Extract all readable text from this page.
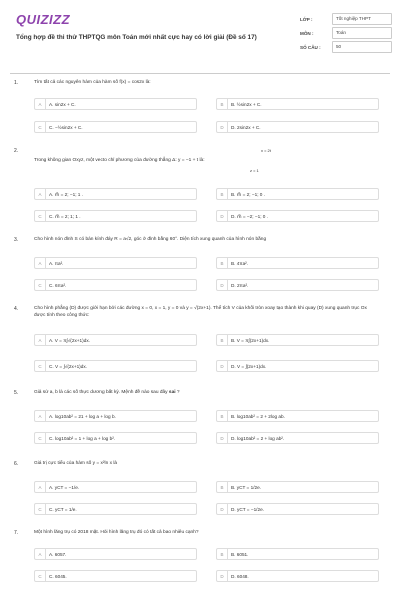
QUIZIZZ
Tổng hợp đề thi thử THPTQG môn Toán mới nhất cực hay có lời giải (Đề số 17)
LỚP :	Tốt nghiệp THPT
MÔN :	Toán
SỐ CÂU :	50
1.	Tìm tất cả các nguyên hàm của hàm số f(x) = cos2x là:
A	A. sin2x + C.	B	B. ½sin2x + C.
C	C. −½sin2x + C.	D	D. 2sin2x + C.
2.	x = 2t
Trong không gian Oxyz, một vecto chỉ phương của đường thẳng Δ: y = −1 + t là:
z = 1
A	A. m⃗ = 2; −1; 1 .	B	B. m⃗ = 2; −1; 0 .
C	C. m⃗ = 2; 1; 1 .	D	D. m⃗ = −2; −1; 0 .
3.	Cho hình nón đỉnh S có bán kính đáy R = a√2, góc ở đỉnh bằng 60°. Diện tích xung quanh của hình nón bằng
A	A. πa².	B	B. 4πa².
C	C. 6πa².	D	D. 2πa².
4.	Cho hình phẳng (D) được giới hạn bởi các đường x = 0, x = 1, y = 0 và y = √(2x+1). Thể tích V của khối tròn xoay tạo thành khi quay (D) xung quanh trục Ox được tính theo công thức:
A	A. V = π∫√(2x+1)dx.	B	B. V = π∫(2x+1)dx.
C	C. V = ∫√(2x+1)dx.	D	D. V = ∫(2x+1)dx.
5.	Giả sử a, b là các số thực dương bất kỳ. Mệnh đề nào sau đây sai ?
A	A. log10ab² = 21 + log a + log b.	B	B. log10ab² = 2 + 2log ab.
C	C. log10ab² = 1 + log a + log b².	D	D. log10ab² = 2 + log ab².
6.	Giá trị cực tiểu của hàm số y = x²ln x là
A	A. yCT = −1/e.	B	B. yCT = 1/2e.
C	C. yCT = 1/e.	D	D. yCT = −1/2e.
7.	Một hình lăng trụ có 2018 mặt. Hỏi hình lăng trụ đó có tất cả bao nhiêu cạnh?
A	A. 6057.	B	B. 6051.
C	C. 6045.	D	D. 6048.
